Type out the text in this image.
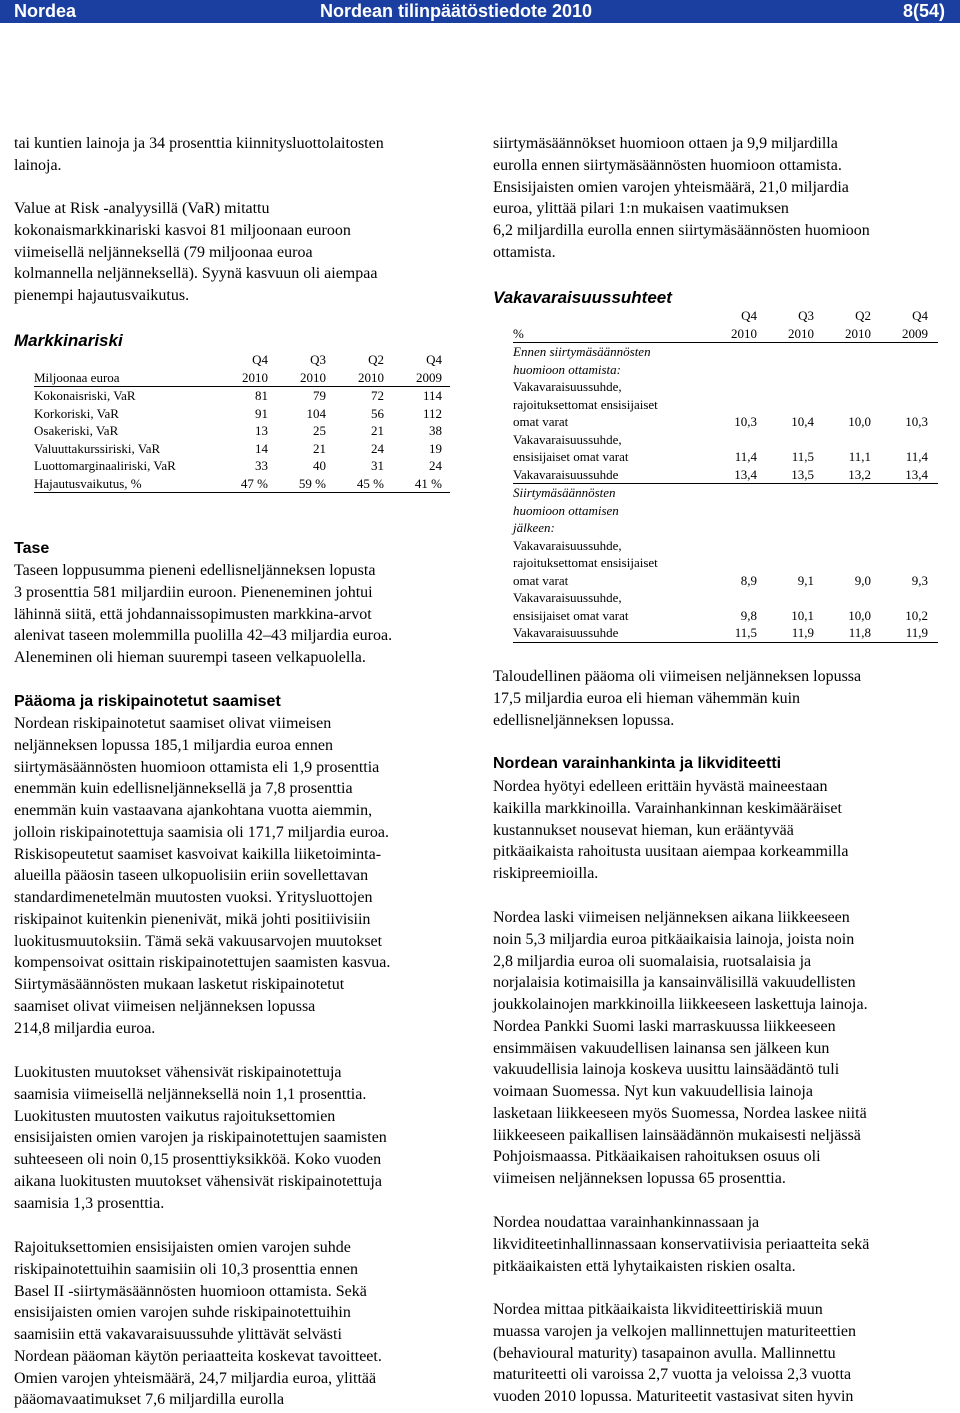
Nordea	Nordean tilinpäätöstiedote 2010	8(54)

tai kuntien lainoja ja 34 prosenttia kiinnitysluottolaitosten
lainoja.

Value at Risk -analyysillä (VaR) mitattu
kokonaismarkkinariski kasvoi 81 miljoonaan euroon
viimeisellä neljänneksellä (79 miljoonaa euroa
kolmannella neljänneksellä). Syynä kasvuun oli aiempaa
pienempi hajautusvaikutus.

Markkinariski
	Q4	Q3	Q2	Q4
Miljoonaa euroa	2010	2010	2010	2009
Kokonaisriski, VaR	81	79	72	114
Korkoriski, VaR	91	104	56	112
Osakeriski, VaR	13	25	21	38
Valuuttakurssiriski, VaR	14	21	24	19
Luottomarginaaliriski, VaR	33	40	31	24
Hajautusvaikutus, %	47 %	59 %	45 %	41 %
Tase

Taseen loppusumma pieneni edellisneljänneksen lopusta
3 prosenttia 581 miljardiin euroon. Pieneneminen johtui
lähinnä siitä, että johdannaissopimusten markkina-arvot
alenivat taseen molemmilla puolilla 42–43 miljardia euroa.
Aleneminen oli hieman suurempi taseen velkapuolella.

Pääoma ja riskipainotetut saamiset

Nordean riskipainotetut saamiset olivat viimeisen
neljänneksen lopussa 185,1 miljardia euroa ennen
siirtymäsäännösten huomioon ottamista eli 1,9 prosenttia
enemmän kuin edellisneljänneksellä ja 7,8 prosenttia
enemmän kuin vastaavana ajankohtana vuotta aiemmin,
jolloin riskipainotettuja saamisia oli 171,7 miljardia euroa.
Riskisopeutetut saamiset kasvoivat kaikilla liiketoiminta-
alueilla pääosin taseen ulkopuolisiin eriin sovellettavan
standardimenetelmän muutosten vuoksi. Yritysluottojen
riskipainot kuitenkin pienenivät, mikä johti positiivisiin
luokitusmuutoksiin. Tämä sekä vakuusarvojen muutokset
kompensoivat osittain riskipainotettujen saamisten kasvua.
Siirtymäsäännösten mukaan lasketut riskipainotetut
saamiset olivat viimeisen neljänneksen lopussa
214,8 miljardia euroa.

Luokitusten muutokset vähensivät riskipainotettuja
saamisia viimeisellä neljänneksellä noin 1,1 prosenttia.
Luokitusten muutosten vaikutus rajoituksettomien
ensisijaisten omien varojen ja riskipainotettujen saamisten
suhteeseen oli noin 0,15 prosenttiyksikköä. Koko vuoden
aikana luokitusten muutokset vähensivät riskipainotettuja
saamisia 1,3 prosenttia.

Rajoituksettomien ensisijaisten omien varojen suhde
riskipainotettuihin saamisiin oli 10,3 prosenttia ennen
Basel II -siirtymäsäännösten huomioon ottamista. Sekä
ensisijaisten omien varojen suhde riskipainotettuihin
saamisiin että vakavaraisuussuhde ylittävät selvästi
Nordean pääoman käytön periaatteita koskevat tavoitteet.
Omien varojen yhteismäärä, 24,7 miljardia euroa, ylittää
pääomavaatimukset 7,6 miljardilla eurolla

siirtymäsäännökset huomioon ottaen ja 9,9 miljardilla
eurolla ennen siirtymäsäännösten huomioon ottamista.
Ensisijaisten omien varojen yhteismäärä, 21,0 miljardia
euroa, ylittää pilari 1:n mukaisen vaatimuksen
6,2 miljardilla eurolla ennen siirtymäsäännösten huomioon
ottamista.

Vakavaraisuussuhteet
	Q4	Q3	Q2	Q4
%	2010	2010	2010	2009
Ennen siirtymäsäännösten
huomioon ottamista:				
Vakavaraisuussuhde,
rajoituksettomat ensisijaiset
omat varat	10,3	10,4	10,0	10,3
Vakavaraisuussuhde,
ensisijaiset omat varat	11,4	11,5	11,1	11,4
Vakavaraisuussuhde	13,4	13,5	13,2	13,4
Siirtymäsäännösten
huomioon ottamisen
jälkeen:				
Vakavaraisuussuhde,
rajoituksettomat ensisijaiset
omat varat	8,9	9,1	9,0	9,3
Vakavaraisuussuhde,
ensisijaiset omat varat	9,8	10,1	10,0	10,2
Vakavaraisuussuhde	11,5	11,9	11,8	11,9

Taloudellinen pääoma oli viimeisen neljänneksen lopussa
17,5 miljardia euroa eli hieman vähemmän kuin
edellisneljänneksen lopussa.

Nordean varainhankinta ja likviditeetti

Nordea hyötyi edelleen erittäin hyvästä maineestaan
kaikilla markkinoilla. Varainhankinnan keskimääräiset
kustannukset nousevat hieman, kun erääntyvää
pitkäaikaista rahoitusta uusitaan aiempaa korkeammilla
riskipreemioilla.

Nordea laski viimeisen neljänneksen aikana liikkeeseen
noin 5,3 miljardia euroa pitkäaikaisia lainoja, joista noin
2,8 miljardia euroa oli suomalaisia, ruotsalaisia ja
norjalaisia kotimaisilla ja kansainvälisillä vakuudellisten
joukkolainojen markkinoilla liikkeeseen laskettuja lainoja.
Nordea Pankki Suomi laski marraskuussa liikkeeseen
ensimmäisen vakuudellisen lainansa sen jälkeen kun
vakuudellisia lainoja koskeva uusittu lainsäädäntö tuli
voimaan Suomessa. Nyt kun vakuudellisia lainoja
lasketaan liikkeeseen myös Suomessa, Nordea laskee niitä
liikkeeseen paikallisen lainsäädännön mukaisesti neljässä
Pohjoismaassa. Pitkäaikaisen rahoituksen osuus oli
viimeisen neljänneksen lopussa 65 prosenttia.

Nordea noudattaa varainhankinnassaan ja
likviditeetinhallinnassaan konservatiivisia periaatteita sekä
pitkäaikaisten että lyhytaikaisten riskien osalta.

Nordea mittaa pitkäaikaista likviditeettiriskiä muun
muassa varojen ja velkojen mallinnettujen maturiteettien
(behavioural maturity) tasapainon avulla. Mallinnettu
maturiteetti oli varoissa 2,7 vuotta ja veloissa 2,3 vuotta
vuoden 2010 lopussa. Maturiteetit vastasivat siten hyvin
